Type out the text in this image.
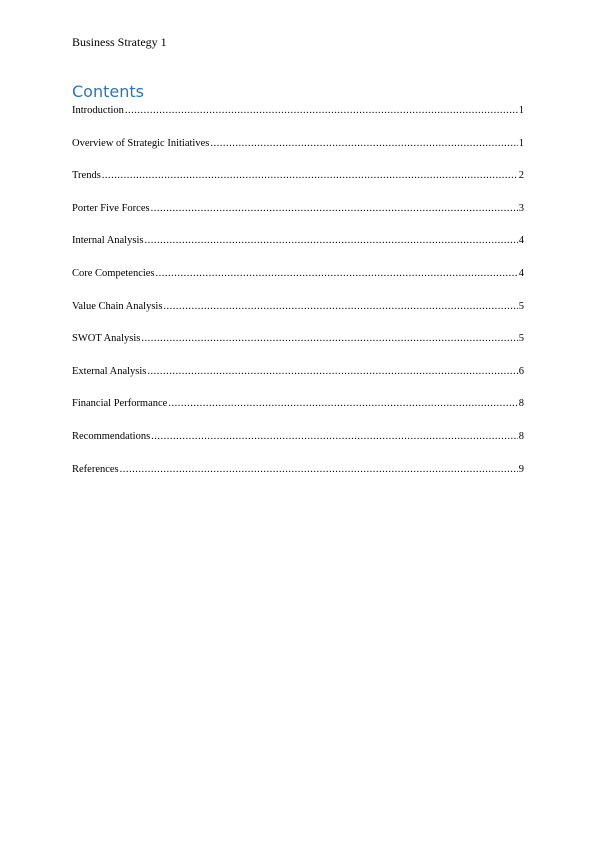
Business Strategy 1
Contents
Introduction .....	1
Overview of Strategic Initiatives .....	1
Trends .....	2
Porter Five Forces .....	3
Internal Analysis .....	4
Core Competencies .....	4
Value Chain Analysis .....	5
SWOT Analysis .....	5
External Analysis .....	6
Financial Performance .....	8
Recommendations .....	8
References .....	9
